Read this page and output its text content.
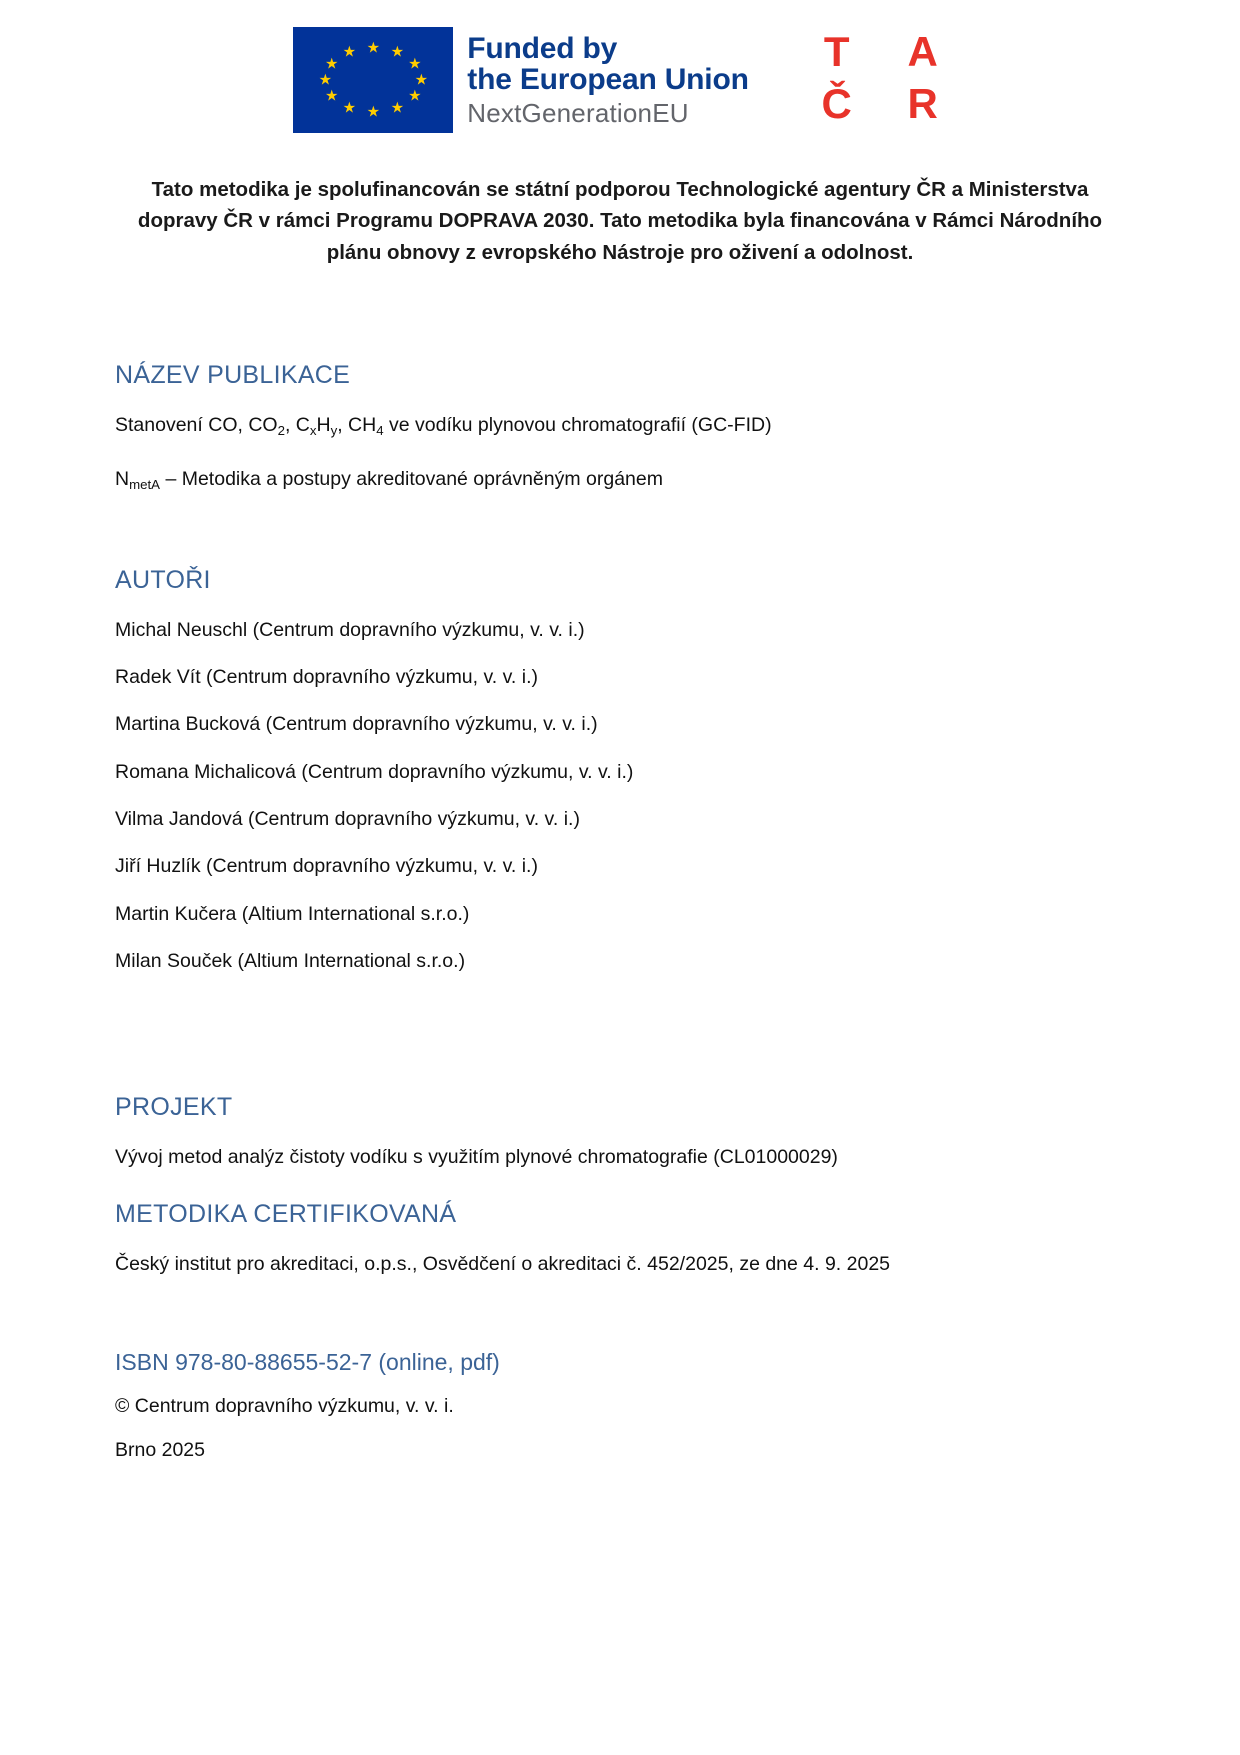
Funded by
the European Union
NextGenerationEU
T A
Č R

Tato metodika je spolufinancován se státní podporou Technologické agentury ČR a Ministerstva dopravy ČR v rámci Programu DOPRAVA 2030. Tato metodika byla financována v Rámci Národního plánu obnovy z evropského Nástroje pro oživení a odolnost.

NÁZEV PUBLIKACE
Stanovení CO, $CO_2$, $C_xH_y$, $CH_4$ ve vodíku plynovou chromatografií (GC-FID)
$N_{metA}$ – Metodika a postupy akreditované oprávněným orgánem
AUTOŘI
Michal Neuschl (Centrum dopravního výzkumu, v. v. i.)
Radek Vít (Centrum dopravního výzkumu, v. v. i.)
Martina Bucková (Centrum dopravního výzkumu, v. v. i.)
Romana Michalicová (Centrum dopravního výzkumu, v. v. i.)
Vilma Jandová (Centrum dopravního výzkumu, v. v. i.)
Jiří Huzlík (Centrum dopravního výzkumu, v. v. i.)
Martin Kučera (Altium International s.r.o.)
Milan Souček (Altium International s.r.o.)
PROJEKT
Vývoj metod analýz čistoty vodíku s využitím plynové chromatografie (CL01000029)
METODIKA CERTIFIKOVANÁ
Český institut pro akreditaci, o.p.s., Osvědčení o akreditaci č. 452/2025, ze dne 4. 9. 2025
ISBN 978-80-88655-52-7 (online, pdf)
© Centrum dopravního výzkumu, v. v. i.
Brno 2025
